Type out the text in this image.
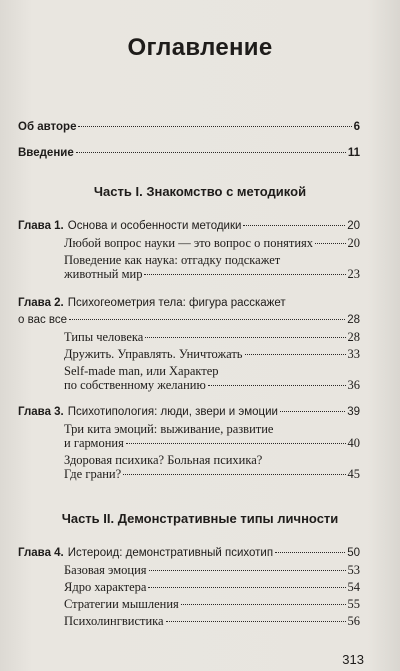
Оглавление
Об авторе	6
Введение	11
Часть I. Знакомство с методикой
Глава 1. Основа и особенности методики	20
Любой вопрос науки — это вопрос о понятиях	20
Поведение как наука: отгадку подскажет
животный мир	23
Глава 2. Психогеометрия тела: фигура расскажет
о вас все	28
Типы человека	28
Дружить. Управлять. Уничтожать	33
Self-made man, или Характер
по собственному желанию	36
Глава 3. Психотипология: люди, звери и эмоции	39
Три кита эмоций: выживание, развитие
и гармония	40
Здоровая психика? Больная психика?
Где грани?	45
Часть II. Демонстративные типы личности
Глава 4. Истероид: демонстративный психотип	50
Базовая эмоция	53
Ядро характера	54
Стратегии мышления	55
Психолингвистика	56
313
